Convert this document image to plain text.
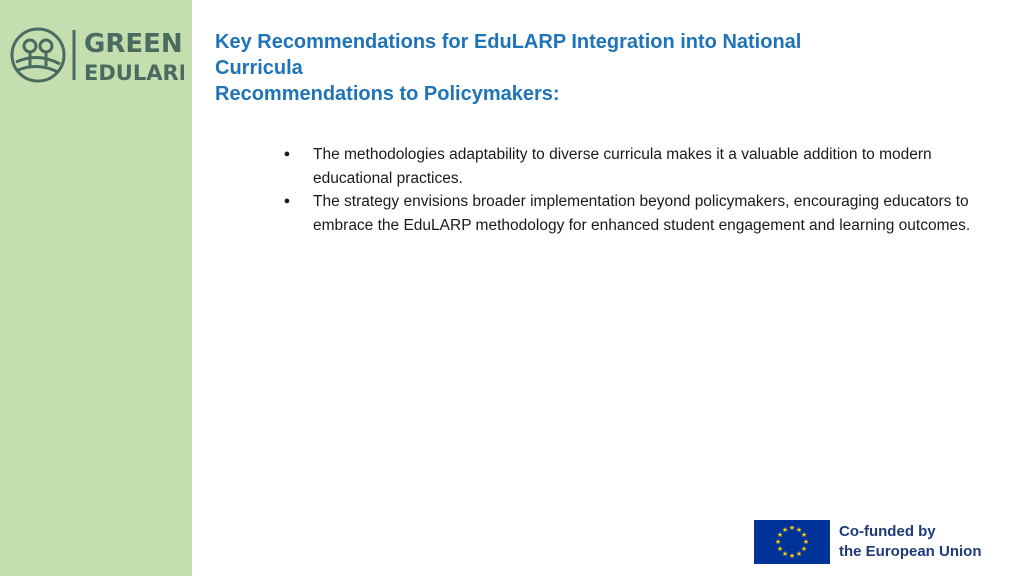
GREEN
EDULARP
Key Recommendations for EduLARP Integration into National
Curricula
Recommendations to Policymakers:
● The methodologies adaptability to diverse curricula makes it a valuable addition to modern educational practices.
● The strategy envisions broader implementation beyond policymakers, encouraging educators to embrace the EduLARP methodology for enhanced student engagement and learning outcomes.
★ ★
★
★
★
★
★
★
★
★
★
★	Co-funded by
the European Union
